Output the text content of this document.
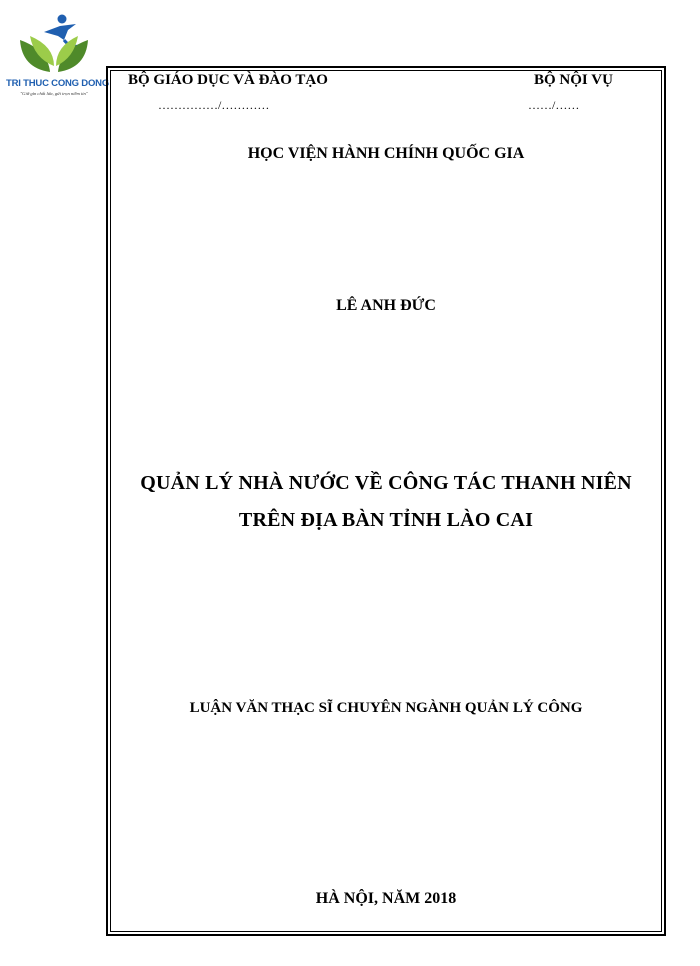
TRI THUC CONG DONG
"Giữ gìn chất lửa, gửi trọn niềm tin"
BỘ GIÁO DỤC VÀ ĐÀO TẠO	BỘ NỘI VỤ
……………/…………	……/……
HỌC VIỆN HÀNH CHÍNH QUỐC GIA
LÊ ANH ĐỨC
QUẢN LÝ NHÀ NƯỚC VỀ CÔNG TÁC THANH NIÊN
TRÊN ĐỊA BÀN TỈNH LÀO CAI
LUẬN VĂN THẠC SĨ CHUYÊN NGÀNH QUẢN LÝ CÔNG
HÀ NỘI, NĂM 2018
